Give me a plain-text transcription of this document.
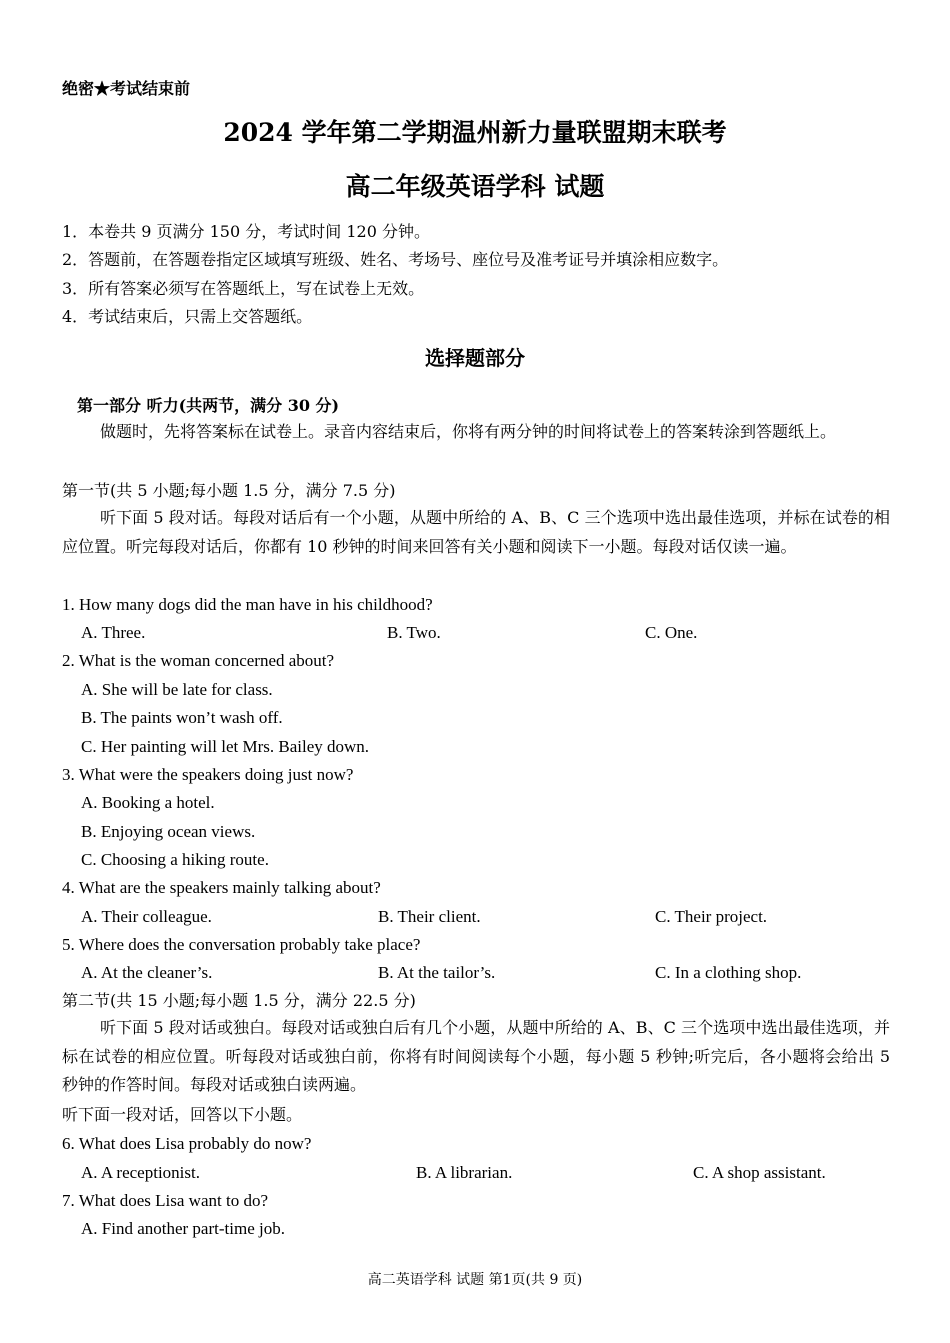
绝密★考试结束前
2024 学年第二学期温州新力量联盟期末联考
高二年级英语学科 试题
1．本卷共 9 页满分 150 分，考试时间 120 分钟。
2．答题前，在答题卷指定区域填写班级、姓名、考场号、座位号及准考证号并填涂相应数字。
3．所有答案必须写在答题纸上，写在试卷上无效。
4．考试结束后，只需上交答题纸。
选择题部分
第一部分 听力(共两节，满分 30 分)
做题时，先将答案标在试卷上。录音内容结束后，你将有两分钟的时间将试卷上的答案转涂到答题纸上。
第一节(共 5 小题;每小题 1.5 分，满分 7.5 分)
听下面 5 段对话。每段对话后有一个小题，从题中所给的 A、B、C 三个选项中选出最佳选项，并标在试卷的相应位置。听完每段对话后，你都有 10 秒钟的时间来回答有关小题和阅读下一小题。每段对话仅读一遍。
1. How many dogs did the man have in his childhood?
A. Three.	B. Two.	C. One.
2. What is the woman concerned about?
A. She will be late for class.
B. The paints won’t wash off.
C. Her painting will let Mrs. Bailey down.
3. What were the speakers doing just now?
A. Booking a hotel.
B. Enjoying ocean views.
C. Choosing a hiking route.
4. What are the speakers mainly talking about?
A. Their colleague.	B. Their client.	C. Their project.
5. Where does the conversation probably take place?
A. At the cleaner’s.	B. At the tailor’s.	C. In a clothing shop.
第二节(共 15 小题;每小题 1.5 分，满分 22.5 分)
听下面 5 段对话或独白。每段对话或独白后有几个小题，从题中所给的 A、B、C 三个选项中选出最佳选项，并标在试卷的相应位置。听每段对话或独白前，你将有时间阅读每个小题，每小题 5 秒钟;听完后，各小题将会给出 5 秒钟的作答时间。每段对话或独白读两遍。
听下面一段对话，回答以下小题。
6. What does Lisa probably do now?
A. A receptionist.	B. A librarian.	C. A shop assistant.
7. What does Lisa want to do?
A. Find another part-time job.
高二英语学科 试题 第1页(共 9 页)
